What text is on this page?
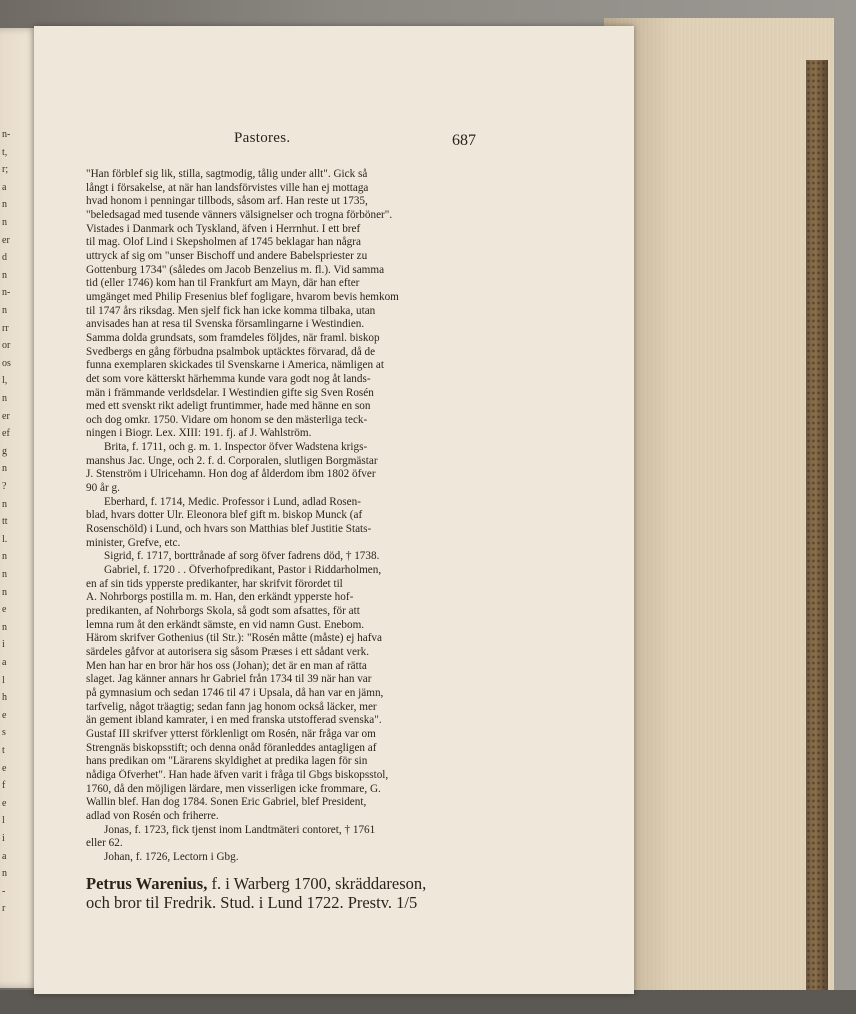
n-
t,
r;
a
n
n
er
d
n
n-
n
rr
or
os
l,
n
er
ef
g
n
?
n
tt
l.
n
n
n
e
n
i
a
l
h
e
s
t
e
f
e
l
i
a
n
-
r
Pastores.	687
"Han förblef sig lik, stilla, sagtmodig, tålig under allt". Gick så
långt i försakelse, at när han landsförvistes ville han ej mottaga
hvad honom i penningar tillbods, såsom arf. Han reste ut 1735,
"beledsagad med tusende vänners välsignelser och trogna förböner".
Vistades i Danmark och Tyskland, äfven i Herrnhut. I ett bref
til mag. Olof Lind i Skepsholmen af 1745 beklagar han några
uttryck af sig om "unser Bischoff und andere Babelspriester zu
Gottenburg 1734" (således om Jacob Benzelius m. fl.). Vid samma
tid (eller 1746) kom han til Frankfurt am Mayn, där han efter
umgänget med Philip Fresenius blef fogligare, hvarom bevis hemkom
til 1747 års riksdag. Men sjelf fick han icke komma tilbaka, utan
anvisades han at resa til Svenska församlingarne i Westindien.
Samma dolda grundsats, som framdeles följdes, när framl. biskop
Svedbergs en gång förbudna psalmbok uptäcktes förvarad, då de
funna exemplaren skickades til Svenskarne i America, nämligen at
det som vore kätterskt härhemma kunde vara godt nog åt lands-
män i främmande verldsdelar. I Westindien gifte sig Sven Rosén
med ett svenskt rikt adeligt fruntimmer, hade med hänne en son
och dog omkr. 1750. Vidare om honom se den mästerliga teck-
ningen i Biogr. Lex. XIII: 191. fj. af J. Wahlström.
Brita, f. 1711, och g. m. 1. Inspector öfver Wadstena krigs-
manshus Jac. Unge, och 2. f. d. Corporalen, slutligen Borgmästar
J. Stenström i Ulricehamn. Hon dog af ålderdom ibm 1802 öfver
90 år g.
Eberhard, f. 1714, Medic. Professor i Lund, adlad Rosen-
blad, hvars dotter Ulr. Eleonora blef gift m. biskop Munck (af
Rosenschöld) i Lund, och hvars son Matthias blef Justitie Stats-
minister, Grefve, etc.
Sigrid, f. 1717, borttrånade af sorg öfver fadrens död, † 1738.
Gabriel, f. 1720 . . Öfverhofpredikant, Pastor i Riddarholmen,
en af sin tids ypperste predikanter, har skrifvit förordet til
A. Nohrborgs postilla m. m. Han, den erkändt ypperste hof-
predikanten, af Nohrborgs Skola, så godt som afsattes, för att
lemna rum åt den erkändt sämste, en vid namn Gust. Enebom.
Härom skrifver Gothenius (til Str.): "Rosén måtte (måste) ej hafva
särdeles gåfvor at autorisera sig såsom Præses i ett sådant verk.
Men han har en bror här hos oss (Johan); det är en man af rätta
slaget. Jag känner annars hr Gabriel från 1734 til 39 när han var
på gymnasium och sedan 1746 til 47 i Upsala, då han var en jämn,
tarfvelig, något träagtig; sedan fann jag honom också läcker, mer
än gement ibland kamrater, i en med franska utstofferad svenska".
Gustaf III skrifver ytterst förklenligt om Rosén, när fråga var om
Strengnäs biskopsstift; och denna onåd föranleddes antagligen af
hans predikan om "Lärarens skyldighet at predika lagen för sin
nådiga Öfverhet". Han hade äfven varit i fråga til Gbgs biskopsstol,
1760, då den möjligen lärdare, men visserligen icke frommare, G.
Wallin blef. Han dog 1784. Sonen Eric Gabriel, blef President,
adlad von Rosén och friherre.
Jonas, f. 1723, fick tjenst inom Landtmäteri contoret, † 1761
eller 62.
Johan, f. 1726, Lectorn i Gbg.
Petrus Warenius, f. i Warberg 1700, skräddareson,
och bror til Fredrik. Stud. i Lund 1722. Prestv. 1/5
